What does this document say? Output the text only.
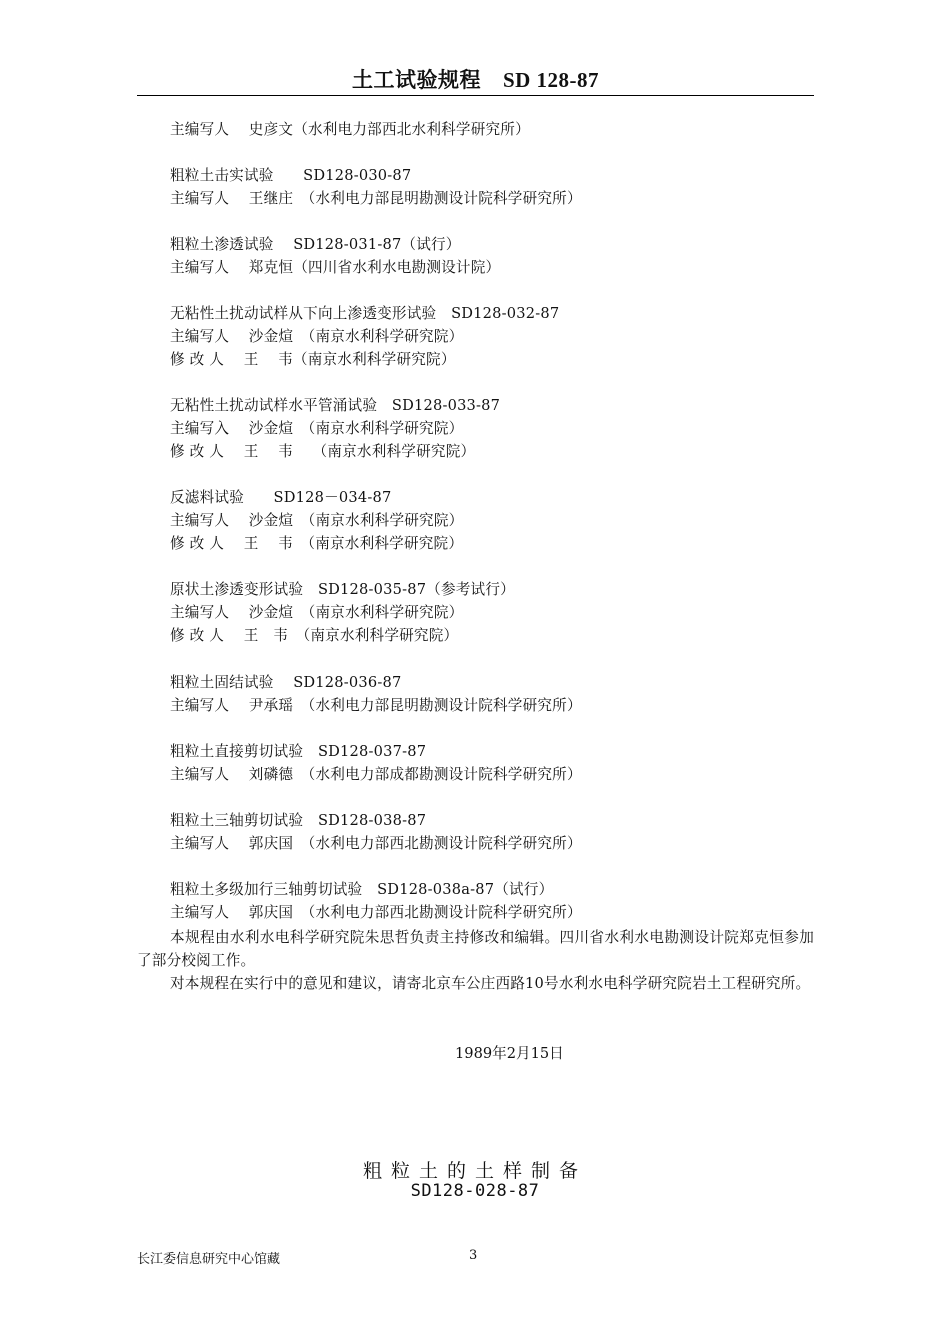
土工试验规程 SD 128-87
主编写人　 史彦文（水利电力部西北水利科学研究所）
粗粒土击实试验　　SD128-030-87
主编写人　 王继庄　（水利电力部昆明勘测设计院科学研究所）
粗粒土渗透试验　 SD128-031-87（试行）
主编写人　 郑克恒（四川省水利水电勘测设计院）
无粘性土扰动试样从下向上渗透变形试验　SD128-032-87
主编写人　 沙金煊　（南京水利科学研究院）
修 改 人　 王　 韦（南京水利科学研究院）
无粘性土扰动试样水平管涌试验　SD128-033-87
主编写入　 沙金煊　（南京水利科学研究院）
修 改 人　 王　 韦　 （南京水利科学研究院）
反滤料试验　　SD128－034-87
主编写人　 沙金煊　（南京水利科学研究院）
修 改 人　 王　 韦　（南京水利科学研究院）
原状土渗透变形试验　SD128-035-87（参考试行）
主编写人　 沙金煊　（南京水利科学研究院）
修 改 人　 王　韦　（南京水利科学研究院）
粗粒土固结试验　 SD128-036-87
主编写人　 尹承瑶　（水利电力部昆明勘测设计院科学研究所）
粗粒土直接剪切试验　SD128-037-87
主编写人　 刘磷德　（水利电力部成都勘测设计院科学研究所）
粗粒土三轴剪切试验　SD128-038-87
主编写人　 郭庆国　（水利电力部西北勘测设计院科学研究所）
粗粒土多级加行三轴剪切试验　SD128-038a-87（试行）
主编写人　 郭庆国　（水利电力部西北勘测设计院科学研究所）
本规程由水利水电科学研究院朱思哲负责主持修改和编辑。四川省水利水电勘测设计院郑克恒参加了部分校阅工作。
对本规程在实行中的意见和建议，请寄北京车公庄西路10号水利水电科学研究院岩土工程研究所。
1989年2月15日
粗粒土的土样制备
SD128-028-87
长江委信息研究中心馆藏	3
